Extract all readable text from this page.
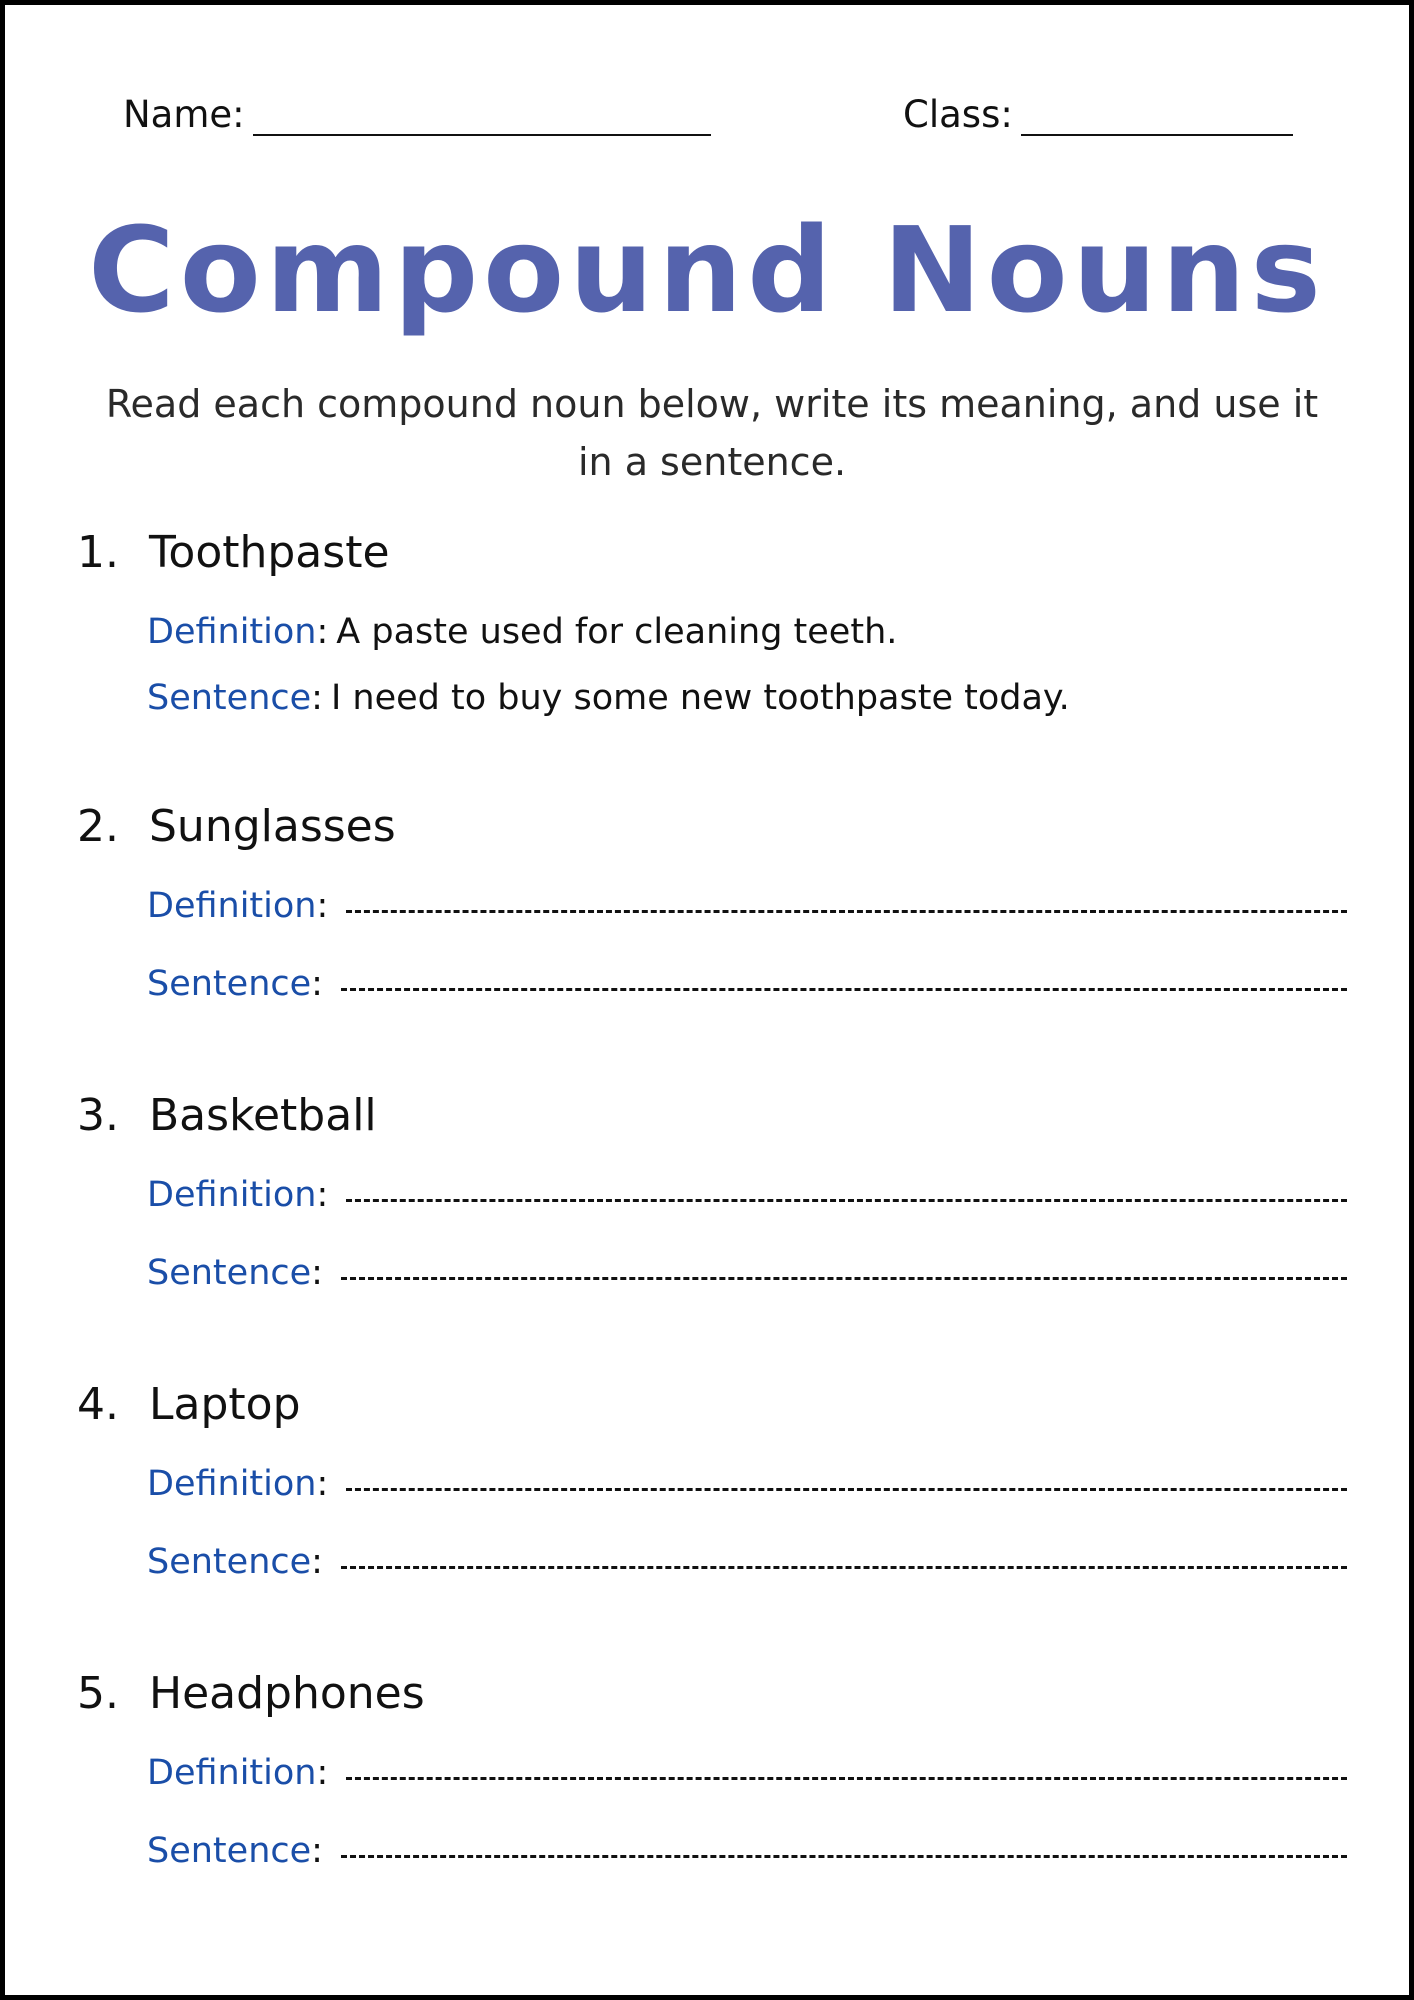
Name:	Class:
Compound Nouns
Read each compound noun below, write its meaning, and use it in a sentence.
1. Toothpaste
Definition : A paste used for cleaning teeth.
Sentence : I need to buy some new toothpaste today.
2. Sunglasses
Definition :
Sentence :
3. Basketball
Definition :
Sentence :
4. Laptop
Definition :
Sentence :
5. Headphones
Definition :
Sentence :
